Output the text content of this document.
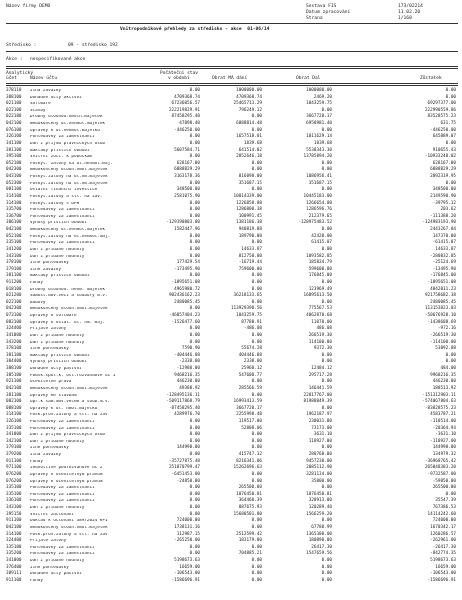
Název firmy DEMO	Sestava FIS	173/02214
Datum zpracování	11.02.20
Strana	1/168
Vnitropodnikové přehledy za středisko - akce  01-06/14
Středisko :	09 - středisko 192
Akce : nespecifikované akce
Analytický
účet	Název účtu
Počáteční stav
v období	Obrat MA dání	Obrat Dal	Zůstatek
378110	Jiná závazky	0.00	1000000.00	1000000.00	0.00
388100	Dohadné účty aktivní	4709368.74	4709368.74	2469.20	0.00
021100	Software	67236056.57	25465713.29	1043259.75	69297377.00
022100	Stavby	222219829.91	796249.12	0.00	222990559.86
022180	Drobný dlouhod.hmotn.majetek	87458295.40	0.00	3667720.17	83528575.23
042100	Nedokončený dl.nehmot.majetek	47898.40	6888814.48	6958981.40	631.75
076100	Oprávky k dl.nehmot.majetku	-446250.00	0.00	0.00	-446250.00
326100	Pohledávky za zaměstnanci	0.00	1657518.01	1011629.14	645889.07
341100	Daň z příjmů právnických osob	0.00	1839.68	1839.68	0.00
381100	Náklady příštích období	5607584.71	641514.02	5538343.30	910655.43
395100	Vnitřní zúčt. k pobočkám	0.00	2852646.18	13785894.20	-10933248.02
052100	Poskyt. zálohy na dl.nehmot.maj.	628167.00	0.00	0.00	628167.00
042300	Nedokončený dlouh.hmot.majetek	6888829.29	0.00	0.00	6888829.29
043100	Poskyt.zálohy na dl.hm.majetek	3163178.36	816098.00	1086956.41	2892319.95
052300	Poskyt.zálohy na dl.hm.majetek	0.00	351687.15	351687.15	0.00
081100	Ostatní finanční investice	348500.00	0.00	0.00	348500.00
314100	Poskyt.zálohy a stl. na záv.	2581075.90	10014339.00	10445183.00	2149590.90
314100	Poskyt.zálohy s DPH	0.00	1226858.88	1266654.00	-39795.12
335700	Pohledávky za zaměstnanci	0.00	1286800.38	1286596.76	203.62
336700	Pohledávky za zaměstnanci	0.00	100991.45	212379.65	-111388.20
386100	Výnosy příštích období	-129190803.80	1381186.38	-128975483.52	-124983193.90
042100	Nedokončený dl.nehmot.majetek	1582447.96	940819.88	0.00	2443267.84
052100	Poskyt.zálohy na dl.nehmot.maj.	0.00	189790.00	42420.00	147370.00
335100	Pohledávky za zaměstnanci	0.00	0.00	61415.07	-61415.07
341200	Daň z přidané hodnoty	0.00	14633.87	0.00	14633.87
343100	Daň z přidané hodnoty	0.00	812750.00	1093582.85	-280832.85
378100	Jiné pohledávky	177429.54	-16719.44	185834.79	-25124.69
379100	Jiné závazky	-173495.90	759600.00	599600.00	-13495.90
381100	Náklady příštích období	0.00	0.00	176845.00	-176845.00
911200	Fondy	-1895651.08	0.00	0.00	-1895651.08
018100	Drobný dlouhod. nehm. majetek	4965980.72	0.00	123969.49	4842011.23
021200	Samost.mov.věci a soubory m.v.	902436162.23	36218133.65	16895613.50	921758682.38
022100	Budovy	2480085.45	0.00	0.00	2480085.45
042300	Nedokončený dlouh.hmot.majetek	0.00	113929390.56	775567.53	113153823.03
073100	Oprávky k software	-46857404.23	1043259.75	4862870.68	-50676928.10
082100	Oprávky k ostat. dl. hm. maj.	-1526477.60	87788.91	11070.00	-1438688.69
324400	Přijaté zálohy	0.00	-486.08	486.08	-972.16
341000	Daň z přidané hodnoty	0.00	0.00	266519.30	-266519.30
343200	Daň z přidané hodnoty	0.00	0.00	114100.00	-114100.00
378100	Jiné pohledávky	7590.90	55674.28	9372.30	53892.88
381100	Náklady příštích období	-404446.88	404446.88	0.00	0.00
384400	Výnosy příštích období	-2338.80	2338.80	0.00	0.00
388100	Dohadné účty pasivní	-12980.00	25960.12	12484.12	484.00
385100	Podsk.spol.k. ost.rozvaháové úč 1	9468216.35	547600.77	295717.28	9968216.35
921100	Ocenitelné práva	446230.00	0.00	0.00	446230.00
042100	Nedokončený dlouh.hmot.majetek	49388.92	285566.59	146441.59	188513.92
381100	Oprávky ke stavbám	-128495136.11	0.00	22817767.00	-151312903.11
082100	Opr.k sam.mov.věcem a soub.m.v.	-509117868.79	16993413.59	81988849.39	-574067804.63
088100	Oprávky k dl. hmot.majetku	-87458295.40	3667720.17	0.00	-83828575.23
314100	Posk.prov.zálohy a stl. na záv	4289976.70	2255998.48	1962187.97	4583787.21
326100	Pohledávky za zaměstnanci	0.00	119517.00	230031.00	-110514.00
335100	Pohledávky za zaměstnanci	0.00	52808.06	73173.00	-20364.94
341000	Daň z příjmů právnických osob	0.00	0.00	3631.10	-3631.10
342100	Daň z přidané hodnoty	0.00	0.00	118927.00	-118927.00
379100	Jiné pohledávky	144998.00	0.00	0.00	144998.00
379200	Jiná závazky	0.00	415747.32	280768.00	134979.32
911100	Fondy	-35727875.48	8216341.06	9457230.00	-36968765.42
971100	Jednotlivé podrozvahové úč 2	251870799.47	15262696.63	2085112.90	265048383.20
076200	Oprávky k ocenitelným právům	-6451453.00	0.00	3281134.00	-9732587.00
076200	Oprávky k ocenitelným právům	-24850.00	0.00	35000.00	-59850.00
335100	Pohledávky za zaměstnanci	0.00	265500.00	0.00	265500.00
335100	Pohledávky za zaměstnanci	0.00	1076450.81	1076450.81	0.00
336100	Pohledávky za zaměstnanci	0.00	364460.39	328913.00	35547.39
343100	Daň z přidané hodnoty	0.00	887675.93	120289.40	767386.53
395150	Vnitřní zúčtování	0.00	15680501.80	1566259.20	14114242.60
911100	Odklad k účtování 389/2024 K+1	724000.00	0.00	0.00	724000.00
042100	Nedokončený dlouh.hmot.majetek	1738131.16	0.00	67788.99	1670342.17
314100	Posk.prov.zálohy a stl. na záv	112987.15	2512599.42	1365300.00	1260286.57
324400	Přijaté zálohy	-265250.00	183179.00	180890.00	-262961.00
335100	Pohledávky za zaměstnanci	0.00	0.00	26417.30	-26417.30
335200	Pohledávky za zaměstnanci	0.00	704885.21	1547659.56	-842774.35
341000	Daň z přidané hodnoty	5198673.63	0.00	0.00	5198673.63
376400	Jiné pohledávky	16659.00	0.00	0.00	16659.00
389111	Dohadné účty pasivní	-106543.00	0.00	0.00	-106543.00
911100	Fondy	-1586696.91	0.00	0.00	-1586696.91
